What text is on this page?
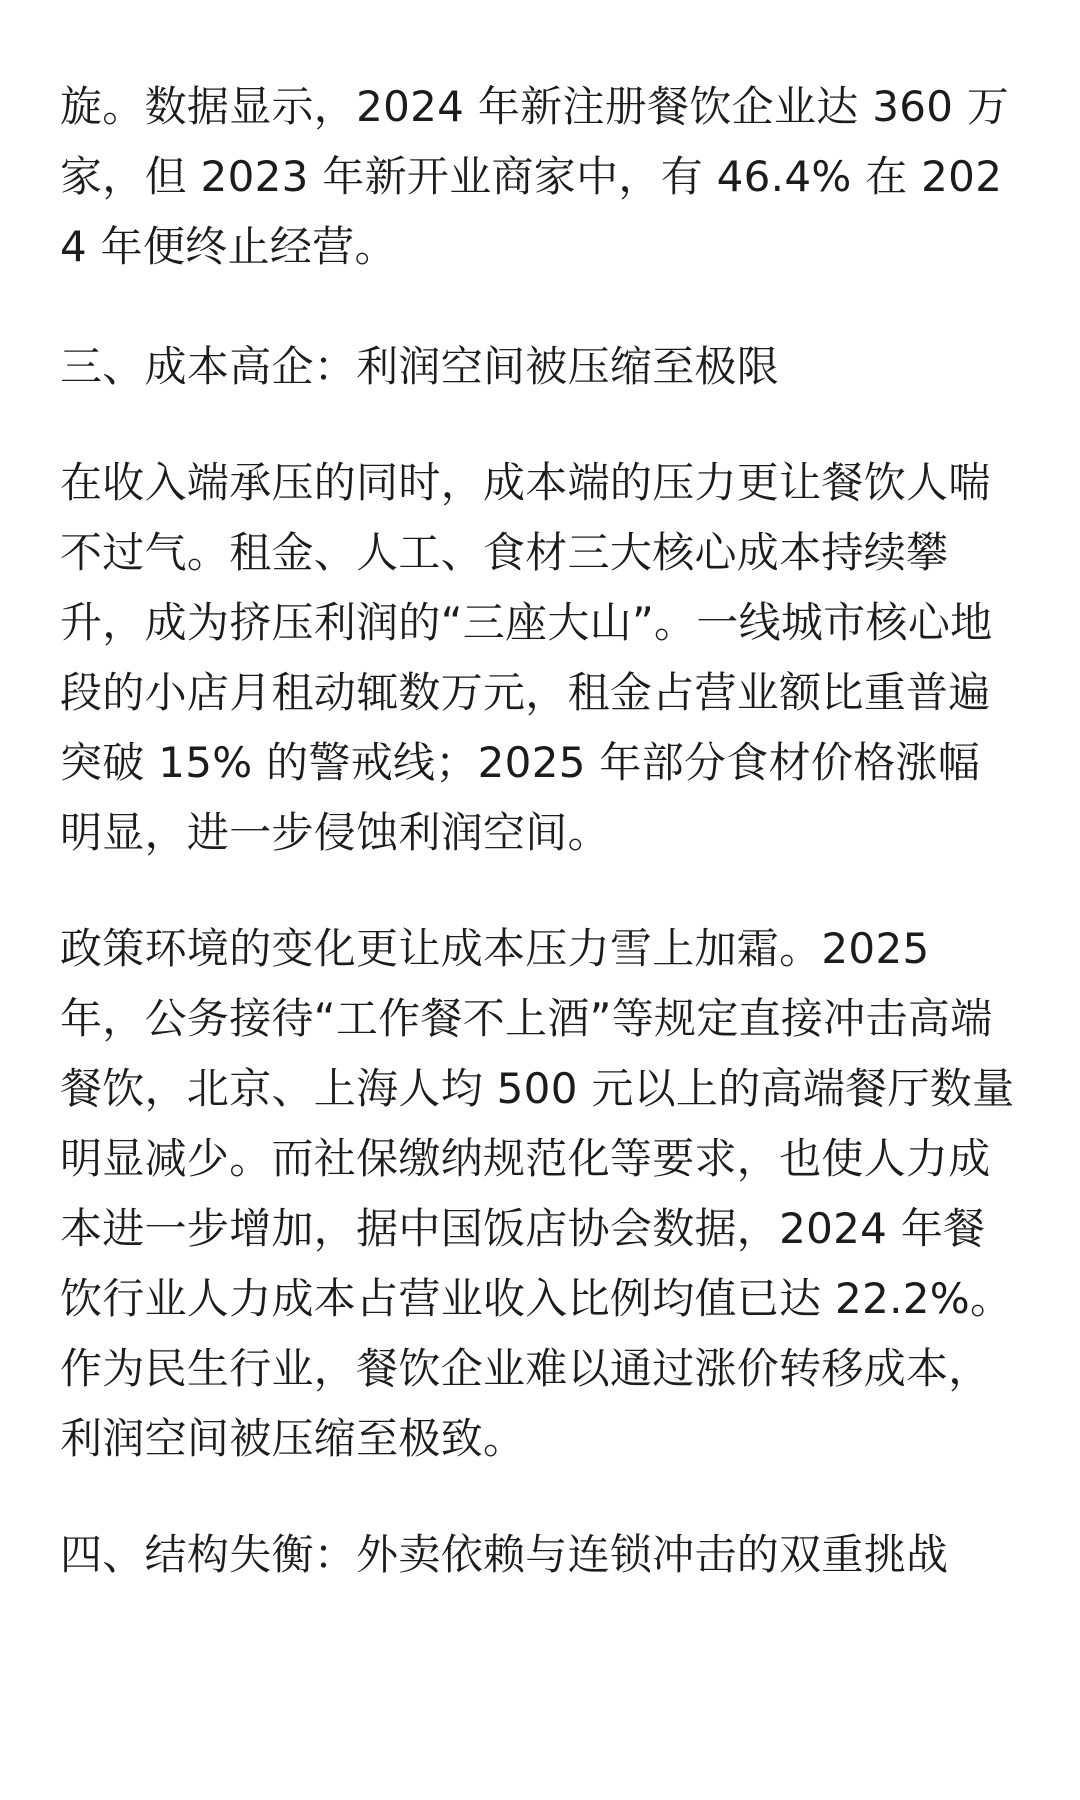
旋。数据显示，2024 年新注册餐饮企业达 360 万家，但 2023 年新开业商家中，有 46.4% 在 2024 年便终止经营。

三、成本高企：利润空间被压缩至极限

在收入端承压的同时，成本端的压力更让餐饮人喘不过气。租金、人工、食材三大核心成本持续攀升，成为挤压利润的“三座大山”。一线城市核心地段的小店月租动辄数万元，租金占营业额比重普遍突破 15% 的警戒线；2025 年部分食材价格涨幅明显，进一步侵蚀利润空间。

政策环境的变化更让成本压力雪上加霜。2025 年，公务接待“工作餐不上酒”等规定直接冲击高端餐饮，北京、上海人均 500 元以上的高端餐厅数量明显减少。而社保缴纳规范化等要求，也使人力成本进一步增加，据中国饭店协会数据，2024 年餐饮行业人力成本占营业收入比例均值已达 22.2%。作为民生行业，餐饮企业难以通过涨价转移成本，利润空间被压缩至极致。

四、结构失衡：外卖依赖与连锁冲击的双重挑战
